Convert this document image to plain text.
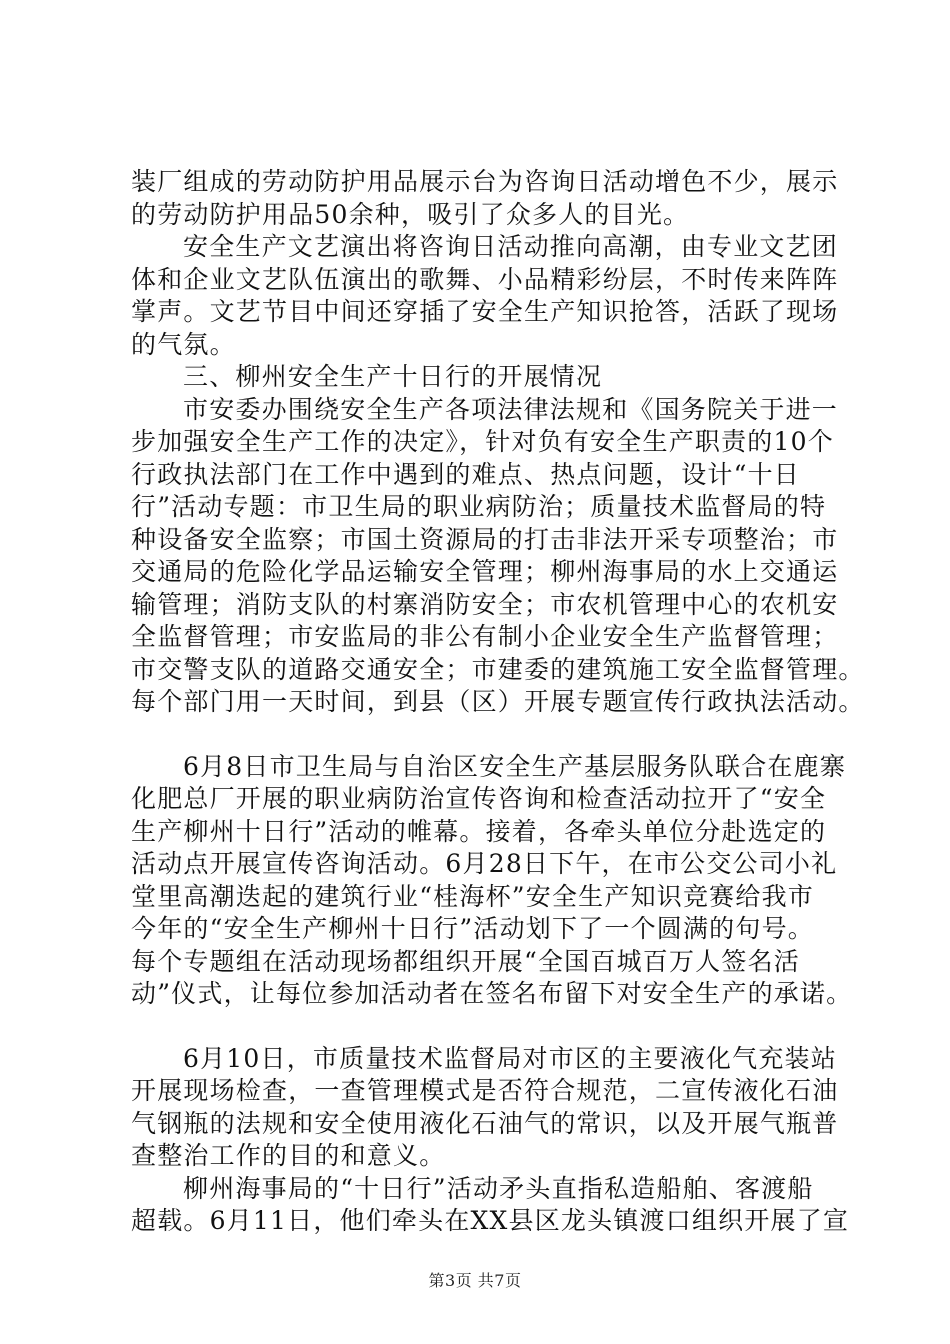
装厂组成的劳动防护用品展示台为咨询日活动增色不少，展示
的劳动防护用品50余种，吸引了众多人的目光。
安全生产文艺演出将咨询日活动推向高潮，由专业文艺团
体和企业文艺队伍演出的歌舞、小品精彩纷层，不时传来阵阵
掌声。文艺节目中间还穿插了安全生产知识抢答，活跃了现场
的气氛。
三、柳州安全生产十日行的开展情况
市安委办围绕安全生产各项法律法规和《国务院关于进一
步加强安全生产工作的决定》，针对负有安全生产职责的10个
行政执法部门在工作中遇到的难点、热点问题，设计“十日
行”活动专题：市卫生局的职业病防治；质量技术监督局的特
种设备安全监察；市国土资源局的打击非法开采专项整治；市
交通局的危险化学品运输安全管理；柳州海事局的水上交通运
输管理；消防支队的村寨消防安全；市农机管理中心的农机安
全监督管理；市安监局的非公有制小企业安全生产监督管理；
市交警支队的道路交通安全；市建委的建筑施工安全监督管理。
每个部门用一天时间，到县（区）开展专题宣传行政执法活动。
6月8日市卫生局与自治区安全生产基层服务队联合在鹿寨
化肥总厂开展的职业病防治宣传咨询和检查活动拉开了“安全
生产柳州十日行”活动的帷幕。接着，各牵头单位分赴选定的
活动点开展宣传咨询活动。6月28日下午，在市公交公司小礼
堂里高潮迭起的建筑行业“桂海杯”安全生产知识竞赛给我市
今年的“安全生产柳州十日行”活动划下了一个圆满的句号。
每个专题组在活动现场都组织开展“全国百城百万人签名活
动”仪式，让每位参加活动者在签名布留下对安全生产的承诺。
6月10日，市质量技术监督局对市区的主要液化气充装站
开展现场检查，一查管理模式是否符合规范，二宣传液化石油
气钢瓶的法规和安全使用液化石油气的常识，以及开展气瓶普
查整治工作的目的和意义。
柳州海事局的“十日行”活动矛头直指私造船舶、客渡船
超载。6月11日，他们牵头在XX县区龙头镇渡口组织开展了宣
第3页 共7页
